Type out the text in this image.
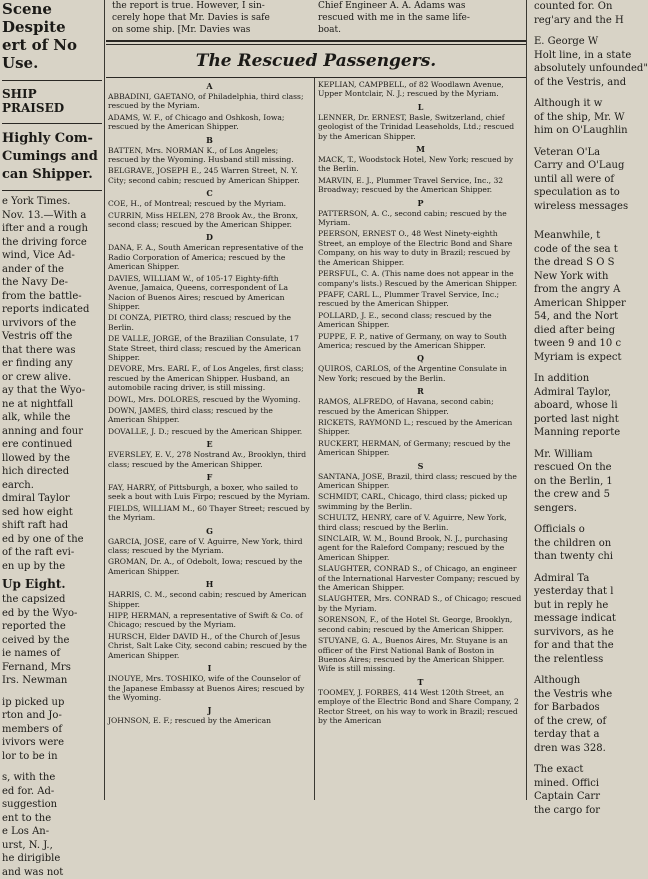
Scene Despite

ert of No Use.

SHIP PRAISED

Highly Com-

Cumings and

can Shipper.

e York Times.

Nov. 13.—With a

ifter and a rough

the driving force

wind, Vice Ad-

ander of the

the Navy De-

from the battle-

reports indicated

urvivors of the

Vestris off the

that there was

er finding any

or crew alive.

ay that the Wyo-

ne at nightfall

alk, while the

anning and four

ere continued

llowed by the

hich directed

earch.

dmiral Taylor

sed how eight

shift raft had

ed by one of the

of the raft evi-

en up by the

Up Eight.

the capsized

ed by the Wyo-

reported the

ceived by the

ie names of

Fernand, Mrs

Irs. Newman

ip picked up

rton and Jo-

members of

ivivors were

lor to be in

s, with the

ed for. Ad-

suggestion

ent to the

e Los An-

urst, N. J.,

he dirigible

and was not

the report is true. However, I sin-

cerely hope that Mr. Davies is safe

on some ship. [Mr. Davies was

Chief Engineer A. A. Adams was

rescued with me in the same life-

boat.

The Rescued Passengers.
A
ABBADINI, GAETANO, of Philadelphia, third class; rescued by the Myriam.
ADAMS, W. F., of Chicago and Oshkosh, Iowa; rescued by the American Shipper.
B
BATTEN, Mrs. NORMAN K., of Los Angeles; rescued by the Wyoming. Husband still missing.
BELGRAVE, JOSEPH E., 245 Warren Street, N. Y. City; second cabin; rescued by American Shipper.
C
COE, H., of Montreal; rescued by the Myriam.
CURRIN, Miss HELEN, 278 Brook Av., the Bronx, second class; rescued by the American Shipper.
D
DANA, F. A., South American representative of the Radio Corporation of America; rescued by the American Shipper.
DAVIES, WILLIAM W., of 105-17 Eighty-fifth Avenue, Jamaica, Queens, correspondent of La Nacion of Buenos Aires; rescued by American Shipper.
DI CONZA, PIETRO, third class; rescued by the Berlin.
DE VALLE, JORGE, of the Brazilian Consulate, 17 State Street, third class; rescued by the American Shipper.
DEVORE, Mrs. EARL F., of Los Angeles, first class; rescued by the American Shipper. Husband, an automobile racing driver, is still missing.
DOWL, Mrs. DOLORES, rescued by the Wyoming.
DOWN, JAMES, third class; rescued by the American Shipper.
DOVALLE, J. D.; rescued by the American Shipper.
E
EVERSLEY, E. V., 278 Nostrand Av., Brooklyn, third class; rescued by the American Shipper.
F
FAY, HARRY, of Pittsburgh, a boxer, who sailed to seek a bout with Luis Firpo; rescued by the Myriam.
FIELDS, WILLIAM M., 60 Thayer Street; rescued by the Myriam.
G
GARCIA, JOSE, care of V. Aguirre, New York, third class; rescued by the Myriam.
GROMAN, Dr. A., of Odebolt, Iowa; rescued by the American Shipper.
H
HARRIS, C. M., second cabin; rescued by American Shipper.
HIPP, HERMAN, a representative of Swift & Co. of Chicago; rescued by the Myriam.
HURSCH, Elder DAVID H., of the Church of Jesus Christ, Salt Lake City, second cabin; rescued by the American Shipper.
I
INOUYE, Mrs. TOSHIKO, wife of the Counselor of the Japanese Embassy at Buenos Aires; rescued by the Wyoming.
J
JOHNSON, E. F.; rescued by the American
KEPLIAN, CAMPBELL, of 82 Woodlawn Avenue, Upper Montclair, N. J.; rescued by the Myriam.
L
LENNER, Dr. ERNEST, Basle, Switzerland, chief geologist of the Trinidad Leaseholds, Ltd.; rescued by the American Shipper.
M
MACK, T., Woodstock Hotel, New York; rescued by the Berlin.
MARVIN, E. J., Plummer Travel Service, Inc., 32 Broadway; rescued by the American Shipper.
P
PATTERSON, A. C., second cabin; rescued by the Myriam.
PEERSON, ERNEST O., 48 West Ninety-eighth Street, an employe of the Electric Bond and Share Company, on his way to duty in Brazil; rescued by the American Shipper.
PERSFUL, C. A. (This name does not appear in the company's lists.) Rescued by the American Shipper.
PFAFF, CARL L., Plummer Travel Service, Inc.; rescued by the American Shipper.
POLLARD, J. E., second class; rescued by the American Shipper.
PUPPE, F. P., native of Germany, on way to South America; rescued by the American Shipper.
Q
QUIROS, CARLOS, of the Argentine Consulate in New York; rescued by the Berlin.
R
RAMOS, ALFREDO, of Havana, second cabin; rescued by the American Shipper.
RICKETS, RAYMOND L.; rescued by the American Shipper.
RUCKERT, HERMAN, of Germany; rescued by the American Shipper.
S
SANTANA, JOSE, Brazil, third class; rescued by the American Shipper.
SCHMIDT, CARL, Chicago, third class; picked up swimming by the Berlin.
SCHULTZ, HENRY, care of V. Aguirre, New York, third class; rescued by the Berlin.
SINCLAIR, W. M., Bound Brook, N. J., purchasing agent for the Raleford Company; rescued by the American Shipper.
SLAUGHTER, CONRAD S., of Chicago, an engineer of the International Harvester Company; rescued by the American Shipper.
SLAUGHTER, Mrs. CONRAD S., of Chicago; rescued by the Myriam.
SORENSON, F., of the Hotel St. George, Brooklyn, second cabin; rescued by the American Shipper.
STUYANE, G. A., Buenos Aires, Mr. Stuyane is an officer of the First National Bank of Boston in Buenos Aires; rescued by the American Shipper. Wife is still missing.
T
TOOMEY, J. FORBES, 414 West 120th Street, an employe of the Electric Bond and Share Company, 2 Rector Street, on his way to work in Brazil; rescued by the American

counted for. On

reg'ary and the H

E. George W

Holt line, in a state

absolutely unfounded"

of the Vestris, and

Although it w

of the ship, Mr. W

him on O'Laughlin

Veteran O'La

Carry and O'Laug

until all were of

speculation as to

wireless messages

Meanwhile, t

code of the sea t

the dread S O S

New York with

from the angry A

American Shipper

54, and the Nort

died after being

tween 9 and 10 c

Myriam is expect

In addition

Admiral Taylor,

aboard, whose li

ported last night

Manning reporte

Mr. William

rescued On the

on the Berlin, 1

the crew and 5

sengers.

Officials o

the children on

than twenty chi

Admiral Ta

yesterday that l

but in reply he

message indicat

survivors, as he

for and that the

the relentless

Although

the Vestris whe

for Barbados

of the crew, of

terday that a

dren was 328.

The exact

mined. Offici

Captain Carr

the cargo for
